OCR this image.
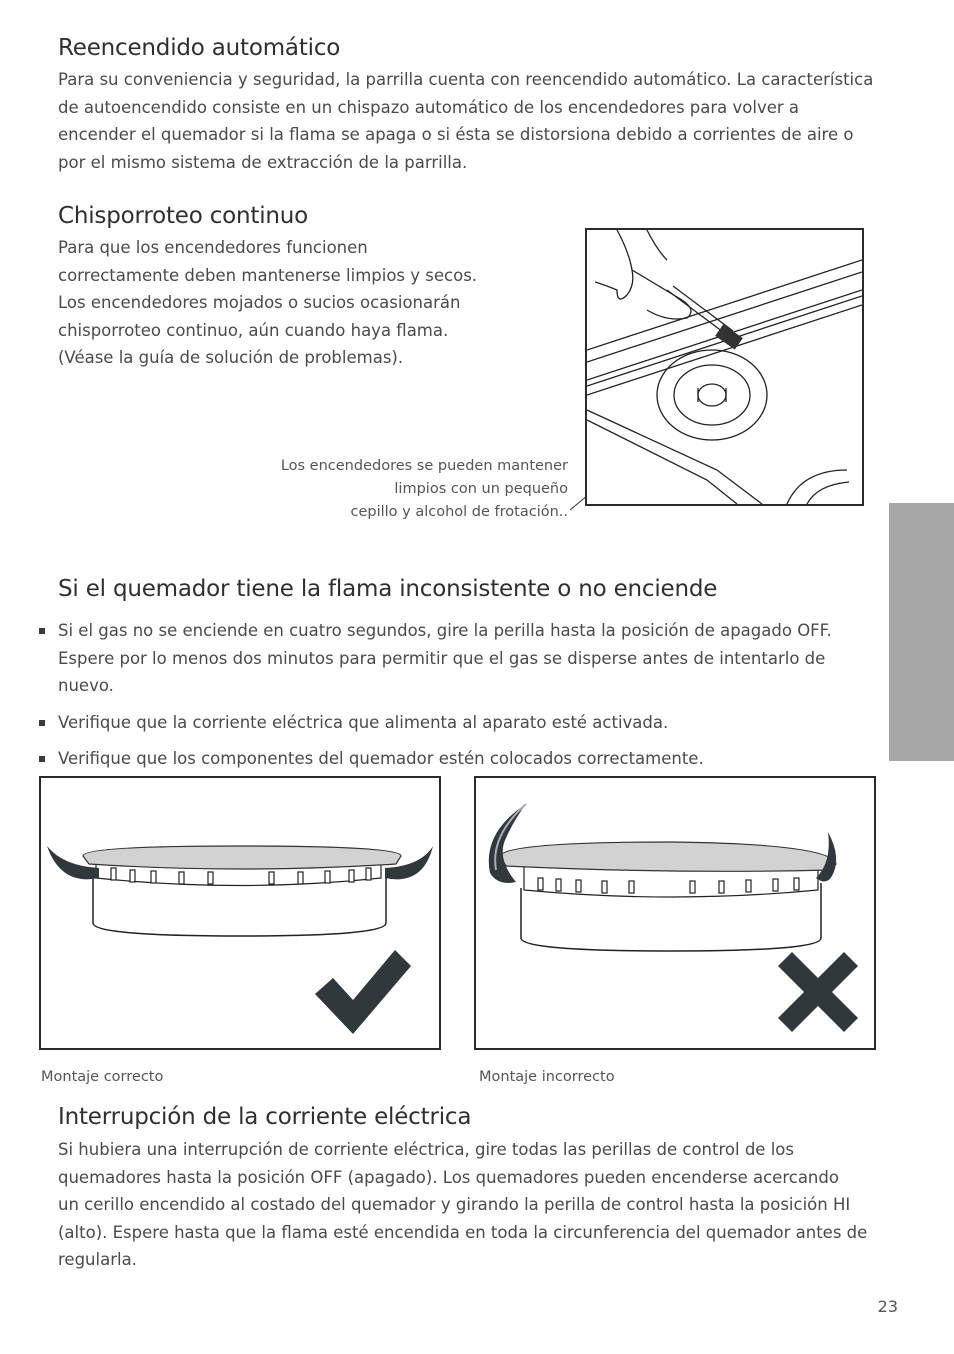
Reencendido automático
Para su conveniencia y seguridad, la parrilla cuenta con reencendido automático. La característica
de autoencendido consiste en un chispazo automático de los encendedores para volver a
encender el quemador si la flama se apaga o si ésta se distorsiona debido a corrientes de aire o
por el mismo sistema de extracción de la parrilla.
Chisporroteo continuo
Para que los encendedores funcionen
correctamente deben mantenerse limpios y secos.
Los encendedores mojados o sucios ocasionarán
chisporroteo continuo, aún cuando haya flama.
(Véase la guía de solución de problemas).
Los encendedores se pueden mantener
limpios con un pequeño
cepillo y alcohol de frotación..
Si el quemador tiene la flama inconsistente o no enciende
Si el gas no se enciende en cuatro segundos, gire la perilla hasta la posición de apagado OFF. Espere por lo menos dos minutos para permitir que el gas se disperse antes de intentarlo de nuevo.
Verifique que la corriente eléctrica que alimenta al aparato esté activada.
Verifique que los componentes del quemador estén colocados correctamente.
Montaje correcto	Montaje incorrecto
Interrupción de la corriente eléctrica
Si hubiera una interrupción de corriente eléctrica, gire todas las perillas de control de los
quemadores hasta la posición OFF (apagado). Los quemadores pueden encenderse acercando
un cerillo encendido al costado del quemador y girando la perilla de control hasta la posición HI
(alto). Espere hasta que la flama esté encendida en toda la circunferencia del quemador antes de
regularla.
23
